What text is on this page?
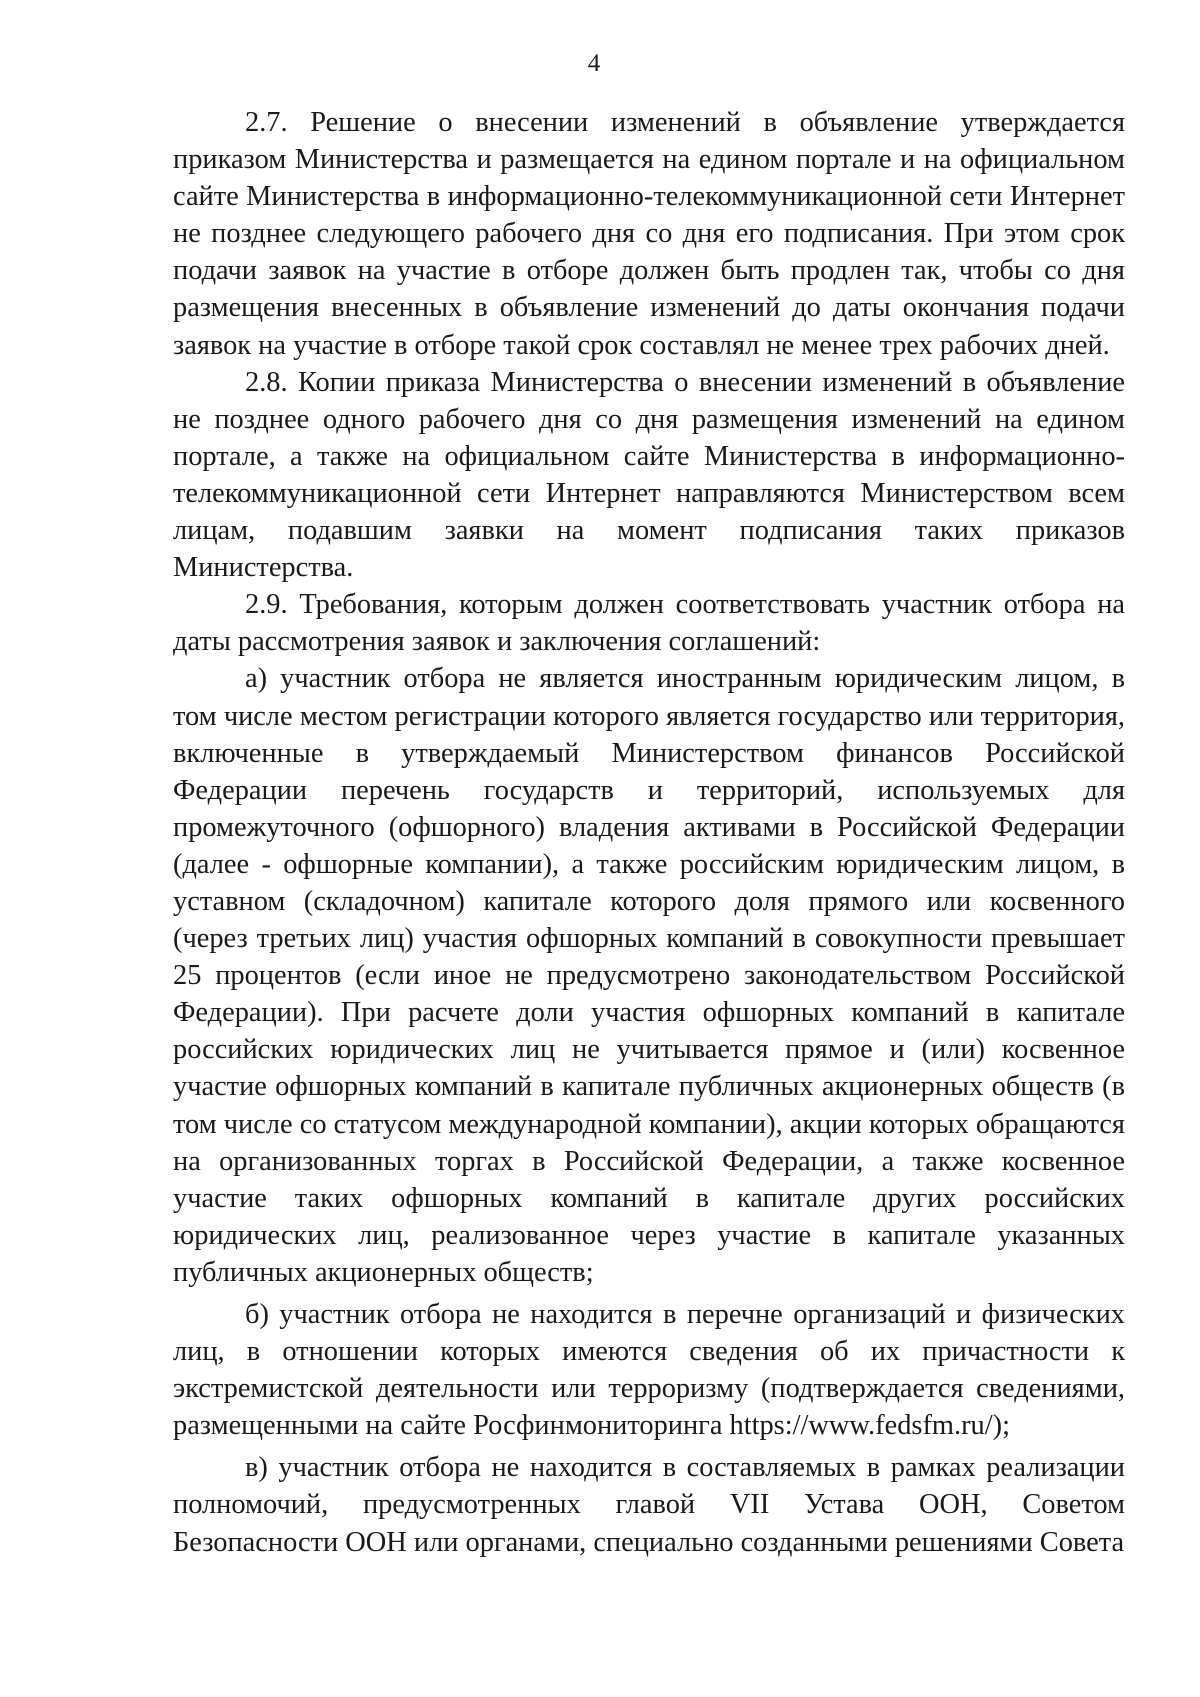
4

2.7. Решение о внесении изменений в объявление утверждается приказом Министерства и размещается на едином портале и на официальном сайте Министерства в информационно-телекоммуникационной сети Интернет не позднее следующего рабочего дня со дня его подписания. При этом срок подачи заявок на участие в отборе должен быть продлен так, чтобы со дня размещения внесенных в объявление изменений до даты окончания подачи заявок на участие в отборе такой срок составлял не менее трех рабочих дней.

2.8. Копии приказа Министерства о внесении изменений в объявление не позднее одного рабочего дня со дня размещения изменений на едином портале, а также на официальном сайте Министерства в информационно-телекоммуникационной сети Интернет направляются Министерством всем лицам, подавшим заявки на момент подписания таких приказов Министерства.

2.9. Требования, которым должен соответствовать участник отбора на даты рассмотрения заявок и заключения соглашений:

а) участник отбора не является иностранным юридическим лицом, в том числе местом регистрации которого является государство или территория, включенные в утверждаемый Министерством финансов Российской Федерации перечень государств и территорий, используемых для промежуточного (офшорного) владения активами в Российской Федерации (далее - офшорные компании), а также российским юридическим лицом, в уставном (складочном) капитале которого доля прямого или косвенного (через третьих лиц) участия офшорных компаний в совокупности превышает 25 процентов (если иное не предусмотрено законодательством Российской Федерации). При расчете доли участия офшорных компаний в капитале российских юридических лиц не учитывается прямое и (или) косвенное участие офшорных компаний в капитале публичных акционерных обществ (в том числе со статусом международной компании), акции которых обращаются на организованных торгах в Российской Федерации, а также косвенное участие таких офшорных компаний в капитале других российских юридических лиц, реализованное через участие в капитале указанных публичных акционерных обществ;

б) участник отбора не находится в перечне организаций и физических лиц, в отношении которых имеются сведения об их причастности к экстремистской деятельности или терроризму (подтверждается сведениями, размещенными на сайте Росфинмониторинга https://www.fedsfm.ru/);

в) участник отбора не находится в составляемых в рамках реализации полномочий, предусмотренных главой VII Устава ООН, Советом Безопасности ООН или органами, специально созданными решениями Совета
